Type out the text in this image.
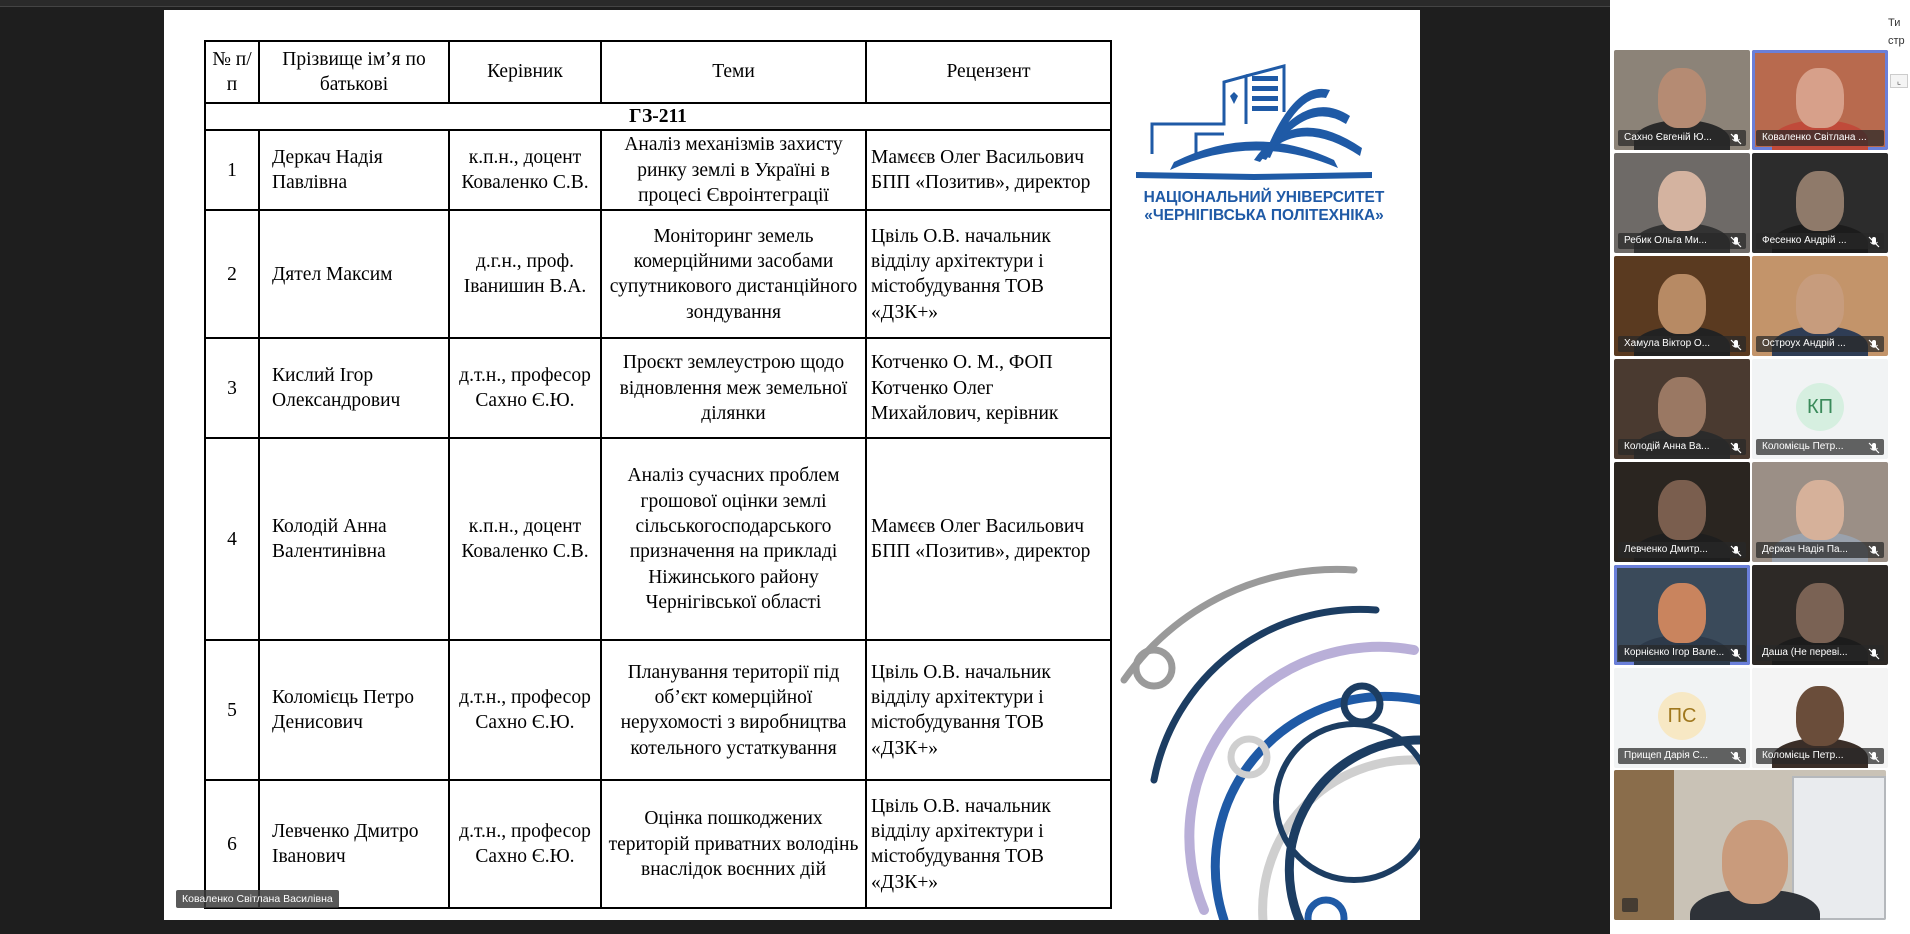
№ п/п	Прізвище ім’я по батькові	Керівник	Теми	Рецензент
ГЗ-211				
1	Деркач Надія Павлівна	к.п.н., доцент Коваленко С.В.	Аналіз механізмів захисту ринку землі в Україні в процесі Євроінтеграції	Мамєєв Олег Васильович БПП «Позитив», директор
2	Дятел Максим	д.г.н., проф. Іванишин В.А.	Моніторинг земель комерційними засобами супутникового дистанційного зондування	Цвіль О.В. начальник відділу архітектури і містобудування ТОВ «ДЗК+»
3	Кислий Ігор Олександрович	д.т.н., професор Сахно Є.Ю.	Проєкт землеустрою щодо відновлення меж земельної ділянки	Котченко О. М., ФОП Котченко Олег Михайлович, керівник
4	Колодій Анна Валентинівна	к.п.н., доцент Коваленко С.В.	Аналіз сучасних проблем грошової оцінки землі сільськогосподарського призначення на прикладі Ніжинського району Чернігівської області	Мамєєв Олег Васильович БПП «Позитив», директор
5	Коломієць Петро Денисович	д.т.н., професор Сахно Є.Ю.	Планування території під об’єкт комерційної нерухомості з виробництва котельного устаткування	Цвіль О.В. начальник відділу архітектури і містобудування ТОВ «ДЗК+»
6	Левченко Дмитро Іванович	д.т.н., професор Сахно Є.Ю.	Оцінка пошкоджених територій приватних володінь внаслідок воєнних дій	Цвіль О.В. начальник відділу архітектури і містобудування ТОВ «ДЗК+»
НАЦІОНАЛЬНИЙ УНІВЕРСИТЕТ
«ЧЕРНІГІВСЬКА ПОЛІТЕХНІКА»
Коваленко Світлана Василівна
Ти
стр
⌞
Сахно Євгеній Ю...	Коваленко Світлана ...
Ребик Ольга Ми...	Фесенко Андрій ...
Хамула Віктор О...	Остроух Андрій ...
Колодій Анна Ва...
КП
Коломієць Петр...
Левченко Дмитр...	Деркач Надія Па...
Корнієнко Ігор Вале...	Даша (Не переві...
ПС
Прищеп Дарія С...	Коломієць Петр...
